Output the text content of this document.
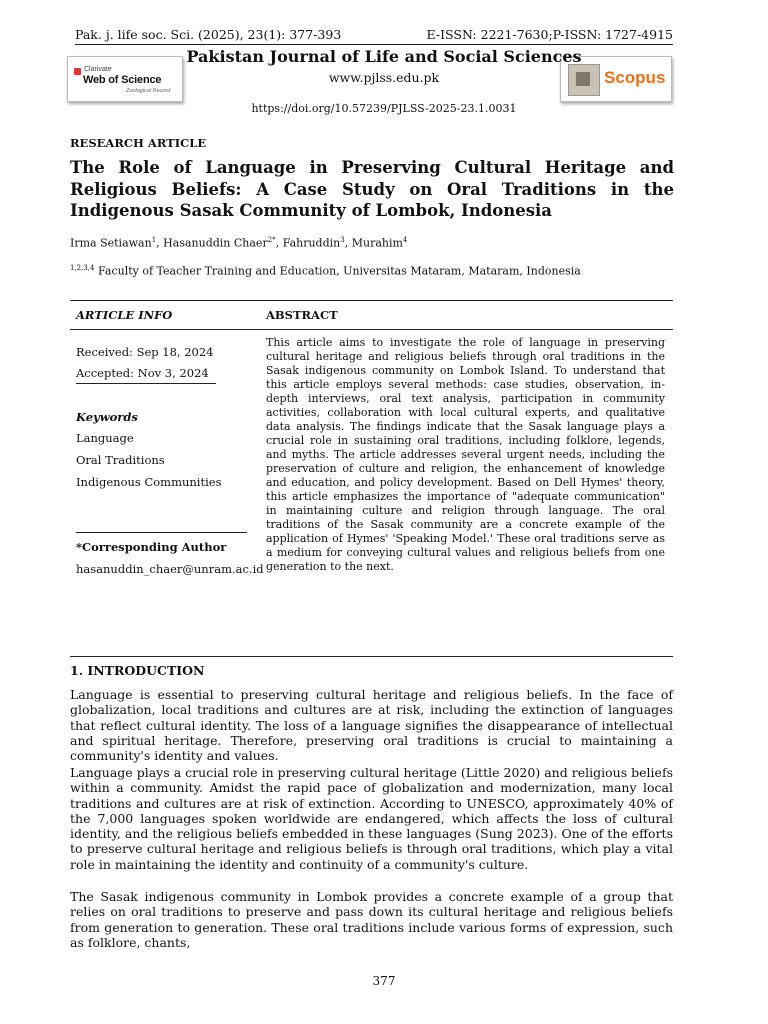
Pak. j. life soc. Sci. (2025), 23(1): 377-393	E-ISSN: 2221-7630;P-ISSN: 1727-4915
Clarivate
Web of Science
Zoological Record
Scopus
Pakistan Journal of Life and Social Sciences
www.pjlss.edu.pk
https://doi.org/10.57239/PJLSS-2025-23.1.0031
RESEARCH ARTICLE
The Role of Language in Preserving Cultural Heritage and Religious Beliefs: A Case Study on Oral Traditions in the Indigenous Sasak Community of Lombok, Indonesia
Irma Setiawan$^1$, Hasanuddin Chaer$^{2*}$, Fahruddin$^3$, Murahim$^4$
$^{1,2,3,4}$ Faculty of Teacher Training and Education, Universitas Mataram, Mataram, Indonesia
ARTICLE INFO	ABSTRACT
Received: Sep 18, 2024
Accepted: Nov 3, 2024
Keywords
Language
Oral Traditions
Indigenous Communities
*Corresponding Author
hasanuddin_chaer@unram.ac.id
This article aims to investigate the role of language in preserving cultural heritage and religious beliefs through oral traditions in the Sasak indigenous community on Lombok Island. To understand that this article employs several methods: case studies, observation, in-depth interviews, oral text analysis, participation in community activities, collaboration with local cultural experts, and qualitative data analysis. The findings indicate that the Sasak language plays a crucial role in sustaining oral traditions, including folklore, legends, and myths. The article addresses several urgent needs, including the preservation of culture and religion, the enhancement of knowledge and education, and policy development. Based on Dell Hymes' theory, this article emphasizes the importance of "adequate communication" in maintaining culture and religion through language. The oral traditions of the Sasak community are a concrete example of the application of Hymes' 'Speaking Model.' These oral traditions serve as a medium for conveying cultural values and religious beliefs from one generation to the next.
1. INTRODUCTION
Language is essential to preserving cultural heritage and religious beliefs. In the face of globalization, local traditions and cultures are at risk, including the extinction of languages that reflect cultural identity. The loss of a language signifies the disappearance of intellectual and spiritual heritage. Therefore, preserving oral traditions is crucial to maintaining a community's identity and values.
Language plays a crucial role in preserving cultural heritage (Little 2020) and religious beliefs within a community. Amidst the rapid pace of globalization and modernization, many local traditions and cultures are at risk of extinction. According to UNESCO, approximately 40% of the 7,000 languages spoken worldwide are endangered, which affects the loss of cultural identity, and the religious beliefs embedded in these languages (Sung 2023). One of the efforts to preserve cultural heritage and religious beliefs is through oral traditions, which play a vital role in maintaining the identity and continuity of a community's culture.
The Sasak indigenous community in Lombok provides a concrete example of a group that relies on oral traditions to preserve and pass down its cultural heritage and religious beliefs from generation to generation. These oral traditions include various forms of expression, such as folklore, chants,
377
